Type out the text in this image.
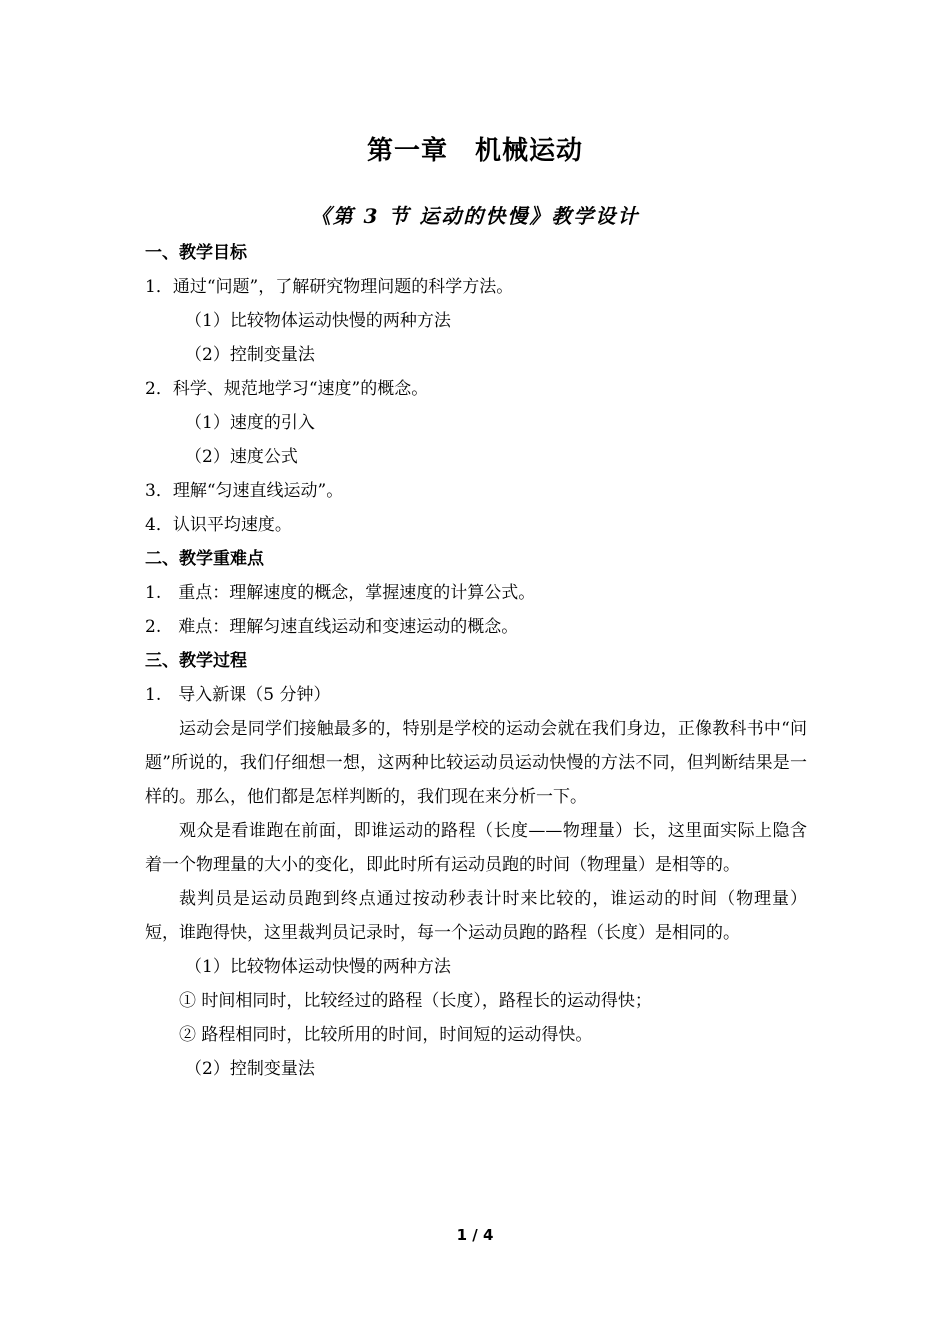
第一章　机械运动
《第 3 节 运动的快慢》教学设计

一、教学目标

1．通过“问题”，了解研究物理问题的科学方法。

（1）比较物体运动快慢的两种方法

（2）控制变量法

2．科学、规范地学习“速度”的概念。

（1）速度的引入

（2）速度公式

3．理解“匀速直线运动”。

4．认识平均速度。

二、教学重难点

1.　重点：理解速度的概念，掌握速度的计算公式。

2.　难点：理解匀速直线运动和变速运动的概念。

三、教学过程

1.　导入新课（5 分钟）

运动会是同学们接触最多的，特别是学校的运动会就在我们身边，正像教科书中“问题”所说的，我们仔细想一想，这两种比较运动员运动快慢的方法不同，但判断结果是一样的。那么，他们都是怎样判断的，我们现在来分析一下。

观众是看谁跑在前面，即谁运动的路程（长度——物理量）长，这里面实际上隐含着一个物理量的大小的变化，即此时所有运动员跑的时间（物理量）是相等的。

裁判员是运动员跑到终点通过按动秒表计时来比较的，谁运动的时间（物理量）短，谁跑得快，这里裁判员记录时，每一个运动员跑的路程（长度）是相同的。

（1）比较物体运动快慢的两种方法

① 时间相同时，比较经过的路程（长度），路程长的运动得快；

② 路程相同时，比较所用的时间，时间短的运动得快。

（2）控制变量法

1 / 4
